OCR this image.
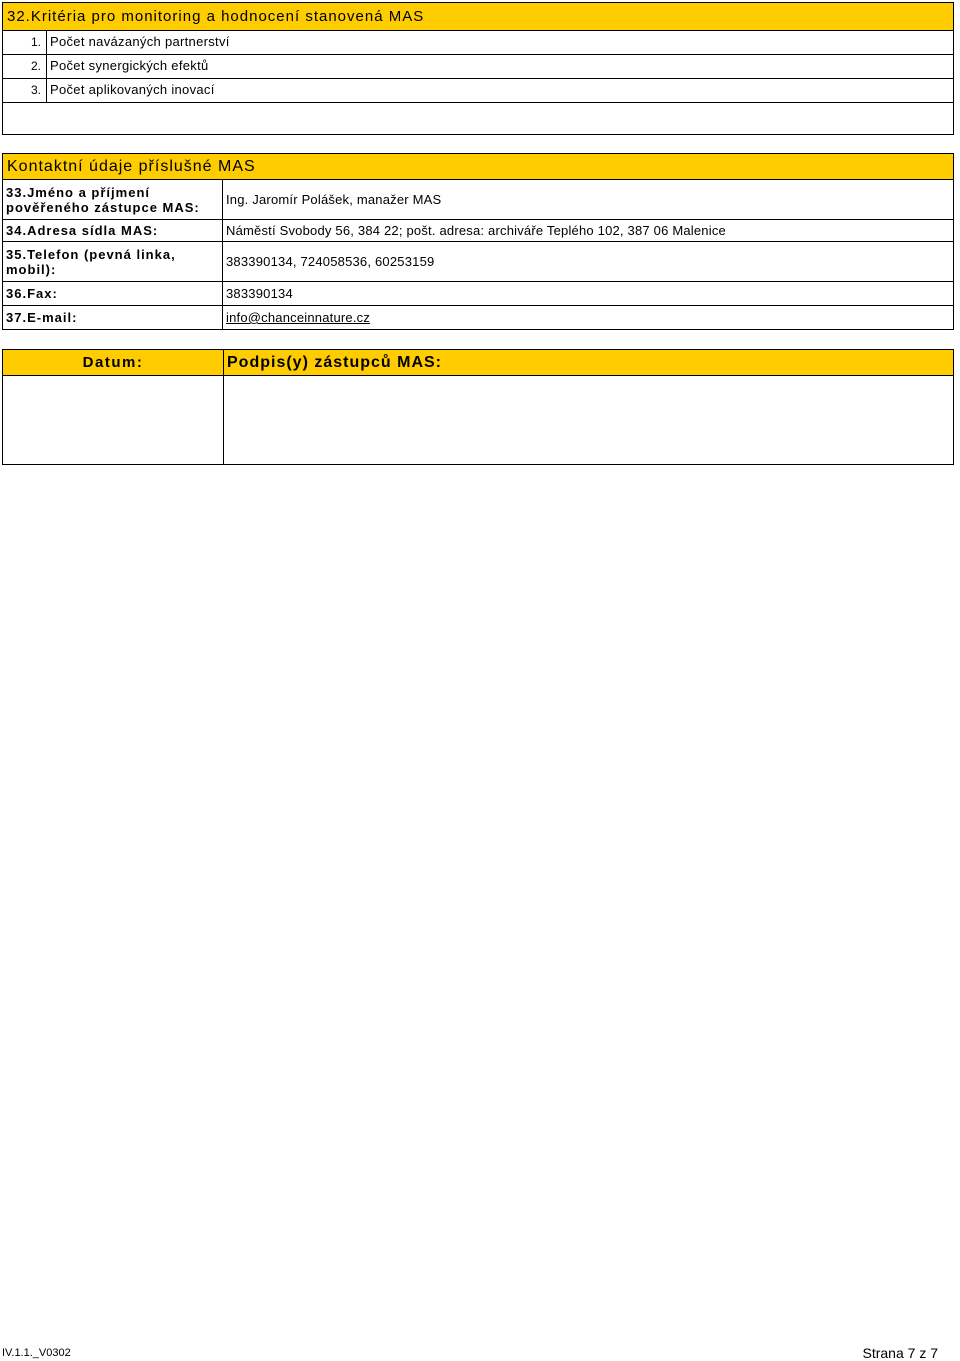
32.Kritéria pro monitoring a hodnocení stanovená MAS
1. Počet navázaných partnerství
2. Počet synergických efektů
3. Počet aplikovaných inovací
Kontaktní údaje příslušné MAS
33.Jméno a příjmení pověřeného zástupce MAS:	Ing. Jaromír Polášek, manažer MAS
34.Adresa sídla MAS:	Náměstí Svobody 56, 384 22; pošt. adresa: archiváře Teplého 102, 387 06 Malenice
35.Telefon (pevná linka, mobil):	383390134, 724058536, 60253159
36.Fax:	383390134
37.E-mail:	info@chanceinnature.cz
Datum:	Podpis(y) zástupců MAS:
IV.1.1._V0302	Strana 7 z 7
